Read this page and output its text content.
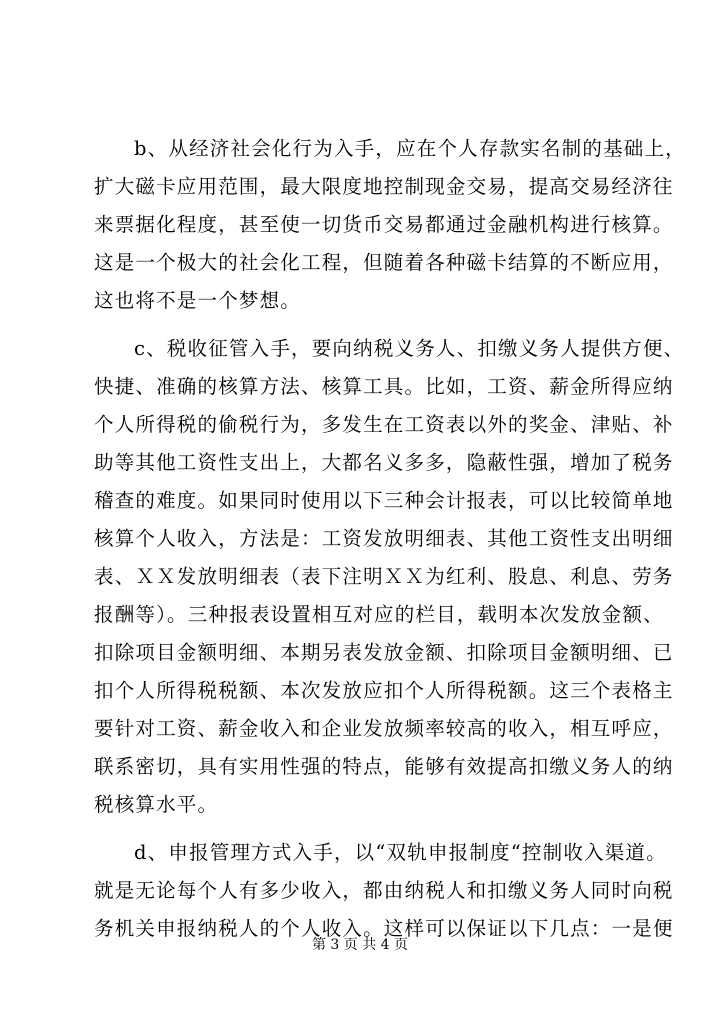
b、从经济社会化行为入手，应在个人存款实名制的基础上，
扩大磁卡应用范围，最大限度地控制现金交易，提高交易经济往
来票据化程度，甚至使一切货币交易都通过金融机构进行核算。
这是一个极大的社会化工程，但随着各种磁卡结算的不断应用，
这也将不是一个梦想。
c、税收征管入手，要向纳税义务人、扣缴义务人提供方便、
快捷、准确的核算方法、核算工具。比如，工资、薪金所得应纳
个人所得税的偷税行为，多发生在工资表以外的奖金、津贴、补
助等其他工资性支出上，大都名义多多，隐蔽性强，增加了税务
稽查的难度。如果同时使用以下三种会计报表，可以比较简单地
核算个人收入，方法是：工资发放明细表、其他工资性支出明细
表、ＸＸ发放明细表（表下注明ＸＸ为红利、股息、利息、劳务
报酬等）。三种报表设置相互对应的栏目，载明本次发放金额、
扣除项目金额明细、本期另表发放金额、扣除项目金额明细、已
扣个人所得税税额、本次发放应扣个人所得税额。这三个表格主
要针对工资、薪金收入和企业发放频率较高的收入，相互呼应，
联系密切，具有实用性强的特点，能够有效提高扣缴义务人的纳
税核算水平。
d、申报管理方式入手，以“双轨申报制度“控制收入渠道。
就是无论每个人有多少收入，都由纳税人和扣缴义务人同时向税
务机关申报纳税人的个人收入。这样可以保证以下几点：一是便
第 3 页 共 4 页
